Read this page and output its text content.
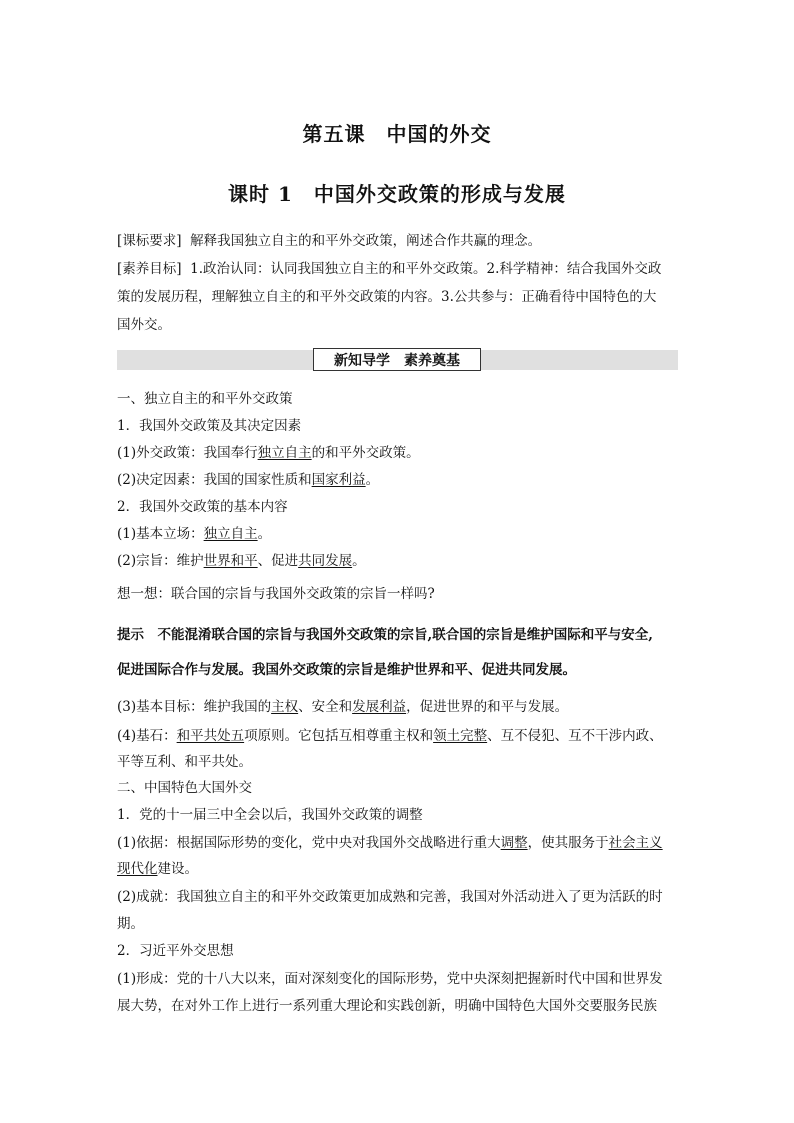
第五课　中国的外交
课时 1　中国外交政策的形成与发展
[课标要求] 解释我国独立自主的和平外交政策，阐述合作共赢的理念。
[素养目标] 1.政治认同：认同我国独立自主的和平外交政策。2.科学精神：结合我国外交政
策的发展历程，理解独立自主的和平外交政策的内容。3.公共参与：正确看待中国特色的大
国外交。
新知导学 素养奠基
一、独立自主的和平外交政策
1．我国外交政策及其决定因素
(1)外交政策：我国奉行独立自主的和平外交政策。
(2)决定因素：我国的国家性质和国家利益。
2．我国外交政策的基本内容
(1)基本立场：独立自主。
(2)宗旨：维护世界和平、促进共同发展。
想一想：联合国的宗旨与我国外交政策的宗旨一样吗?
提示　不能混淆联合国的宗旨与我国外交政策的宗旨,联合国的宗旨是维护国际和平与安全,
促进国际合作与发展。我国外交政策的宗旨是维护世界和平、促进共同发展。
(3)基本目标：维护我国的主权、安全和发展利益，促进世界的和平与发展。
(4)基石：和平共处五项原则。它包括互相尊重主权和领土完整、互不侵犯、互不干涉内政、
平等互利、和平共处。
二、中国特色大国外交
1．党的十一届三中全会以后，我国外交政策的调整
(1)依据：根据国际形势的变化，党中央对我国外交战略进行重大调整，使其服务于社会主义
现代化建设。
(2)成就：我国独立自主的和平外交政策更加成熟和完善，我国对外活动进入了更为活跃的时
期。
2．习近平外交思想
(1)形成：党的十八大以来，面对深刻变化的国际形势，党中央深刻把握新时代中国和世界发
展大势，在对外工作上进行一系列重大理论和实践创新，明确中国特色大国外交要服务民族
